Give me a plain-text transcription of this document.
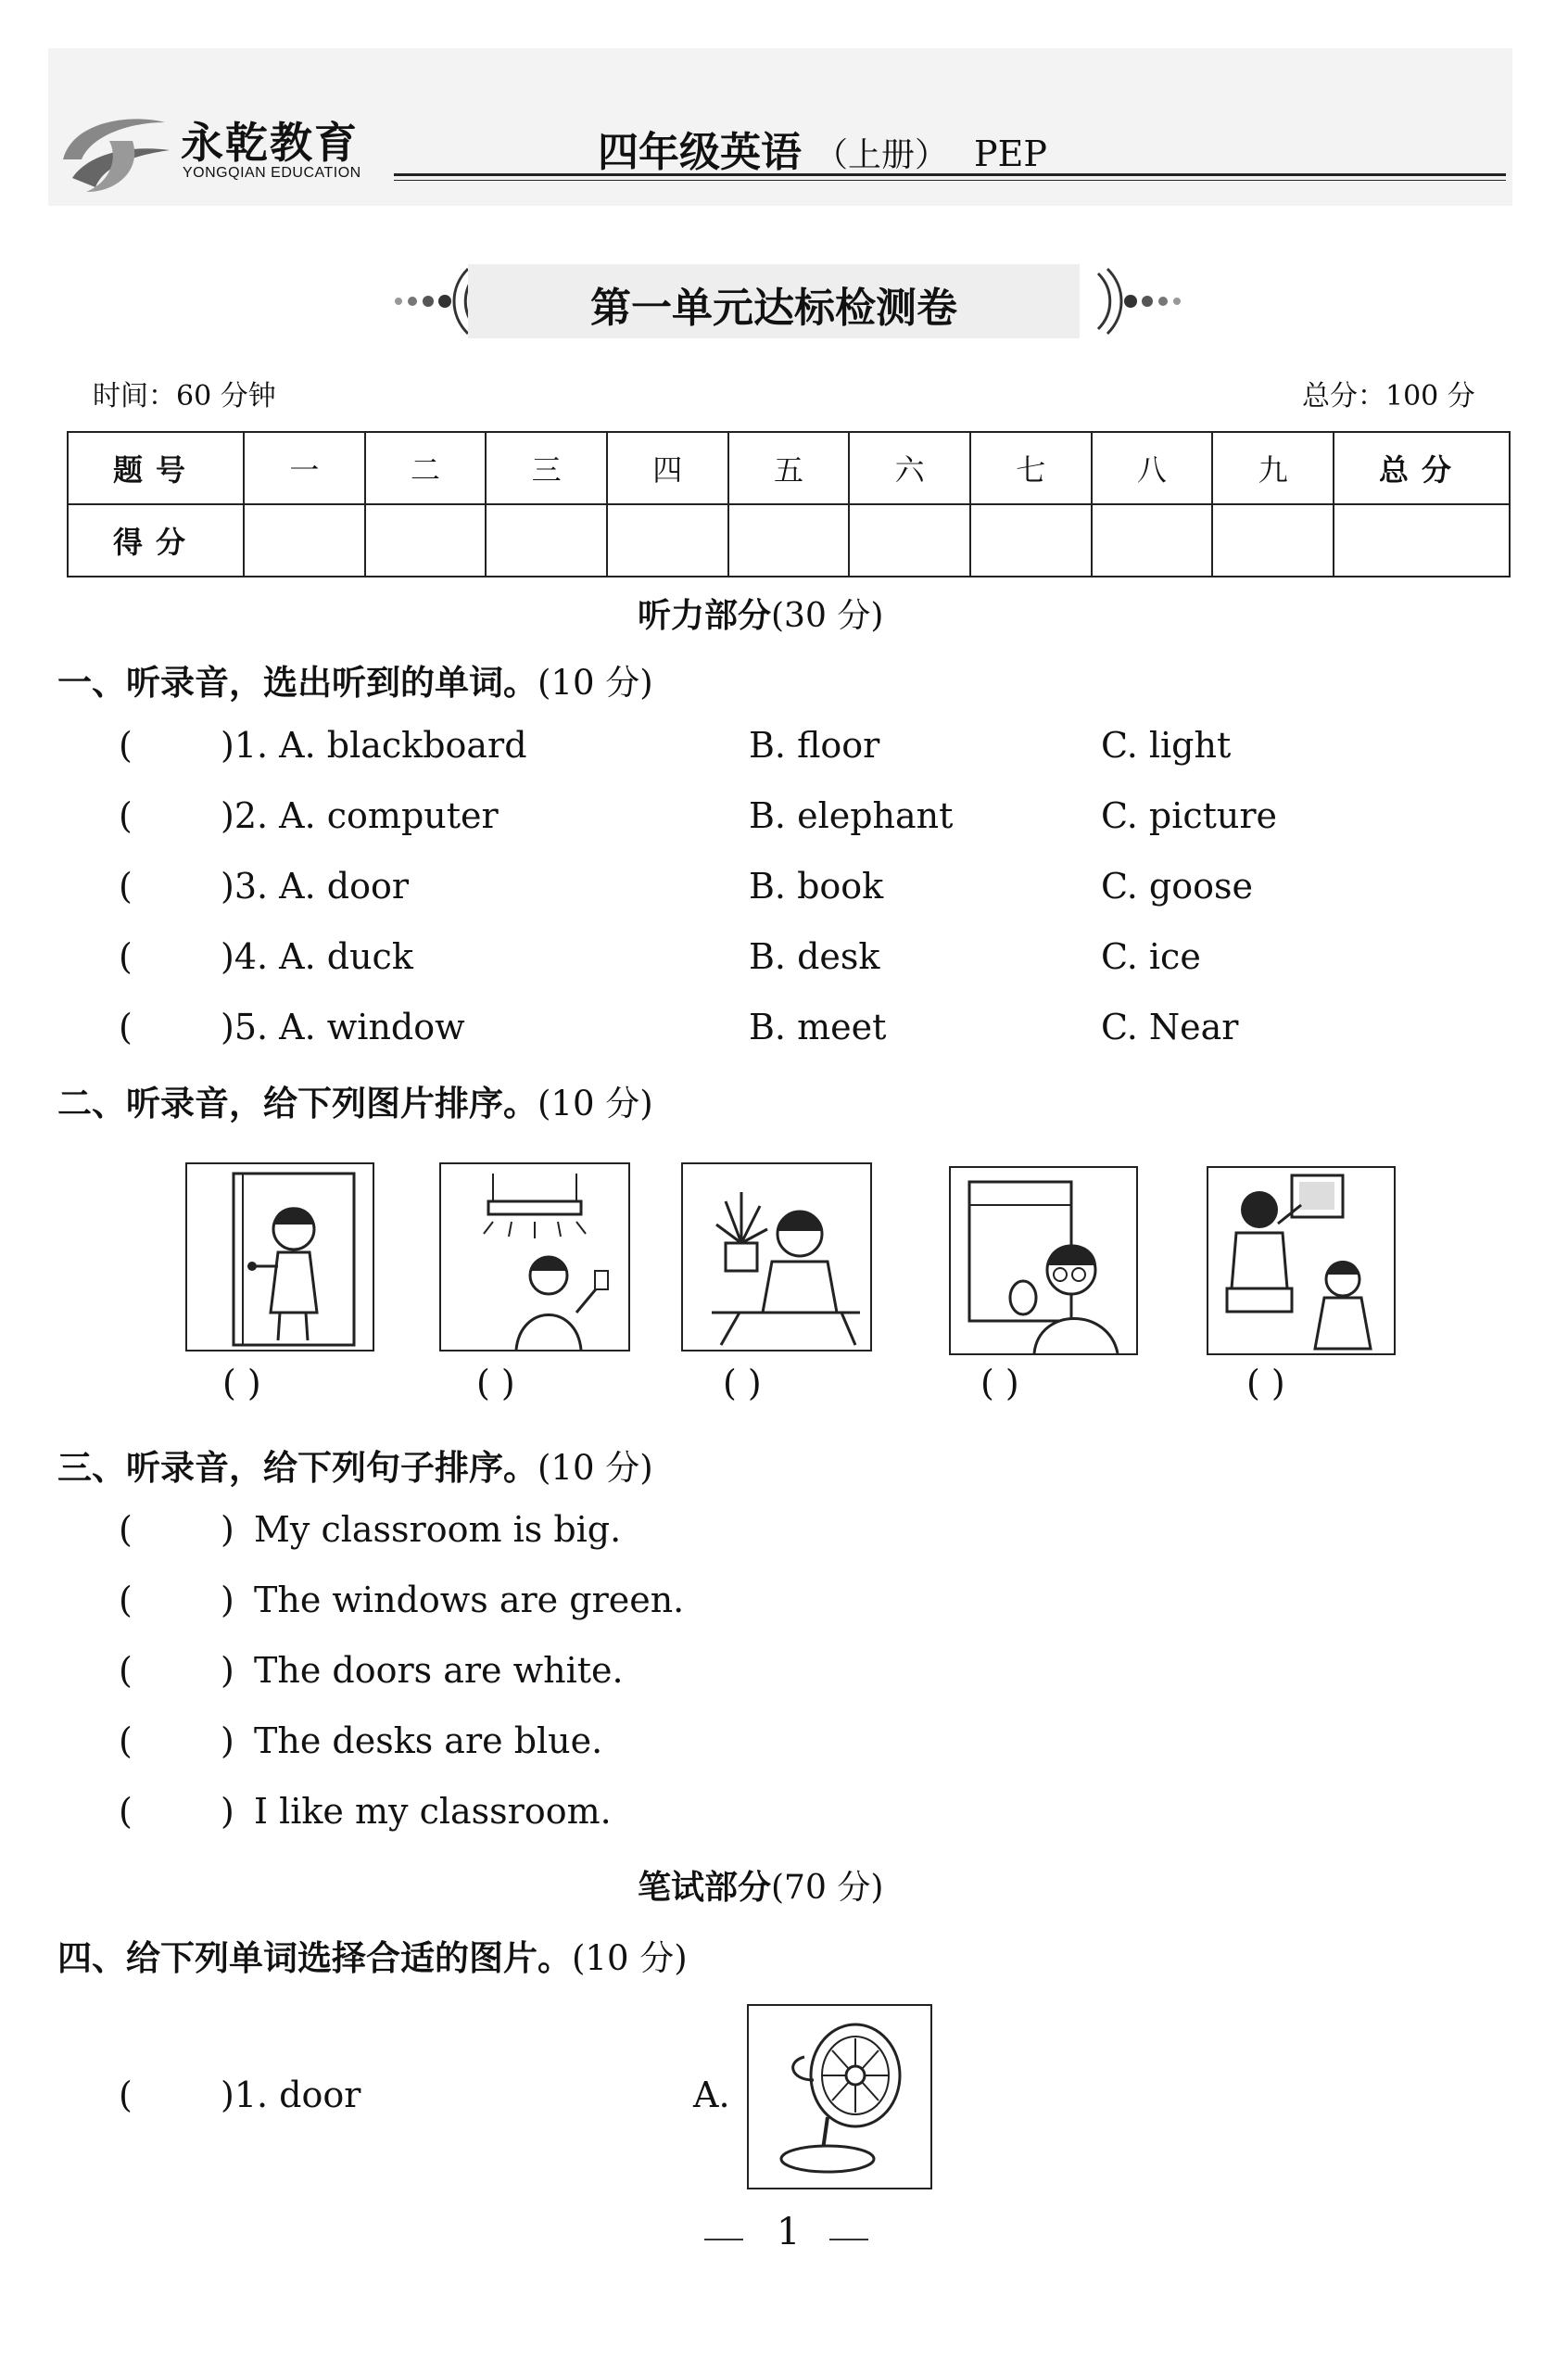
永乾教育
YONGQIAN EDUCATION	四年级英语 （上册） PEP
第一单元达标检测卷
时间：60 分钟	总分：100 分
题号	一	二	三	四	五	六	七	八	九	总分
得分										
听力部分(30 分)
一、听录音，选出听到的单词。(10 分)
(	)1. A. blackboard	B. floor	C. light
(	)2. A. computer	B. elephant	C. picture
(	)3. A. door	B. book	C. goose
(	)4. A. duck	B. desk	C. ice
(	)5. A. window	B. meet	C. Near
二、听录音，给下列图片排序。(10 分)
( )	( )	( )	( )	( )
三、听录音，给下列句子排序。(10 分)
(	) My classroom is big.
(	) The windows are green.
(	) The doors are white.
(	) The desks are blue.
(	) I like my classroom.
笔试部分(70 分)
四、给下列单词选择合适的图片。(10 分)
(	)1. door	A.
1
